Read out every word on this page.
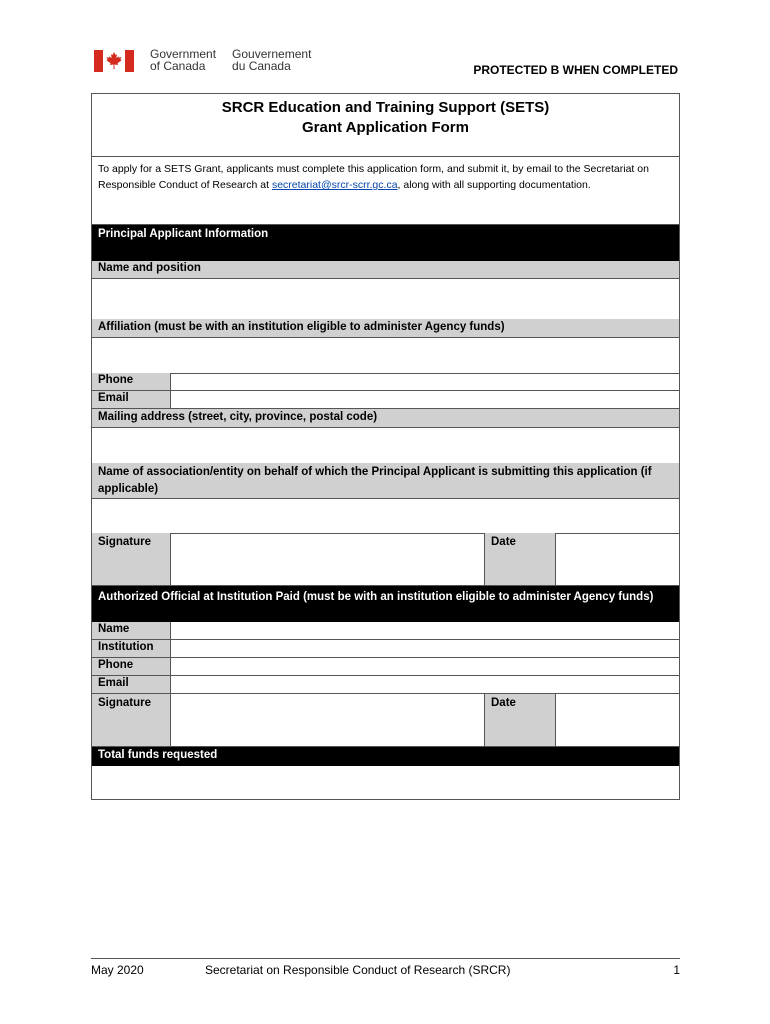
Government
of Canada
Gouvernement
du Canada	PROTECTED B WHEN COMPLETED
SRCR Education and Training Support (SETS)
Grant Application Form
To apply for a SETS Grant, applicants must complete this application form, and submit it, by email to the Secretariat on Responsible Conduct of Research at secretariat@srcr-scrr.gc.ca, along with all supporting documentation.
Principal Applicant Information
Name and position
Affiliation (must be with an institution eligible to administer Agency funds)
Phone
Email
Mailing address (street, city, province, postal code)
Name of association/entity on behalf of which the Principal Applicant is submitting this application (if applicable)
Signature	Date
Authorized Official at Institution Paid (must be with an institution eligible to administer Agency funds)
Name
Institution
Phone
Email
Signature	Date
Total funds requested
May 2020	Secretariat on Responsible Conduct of Research (SRCR)	1
